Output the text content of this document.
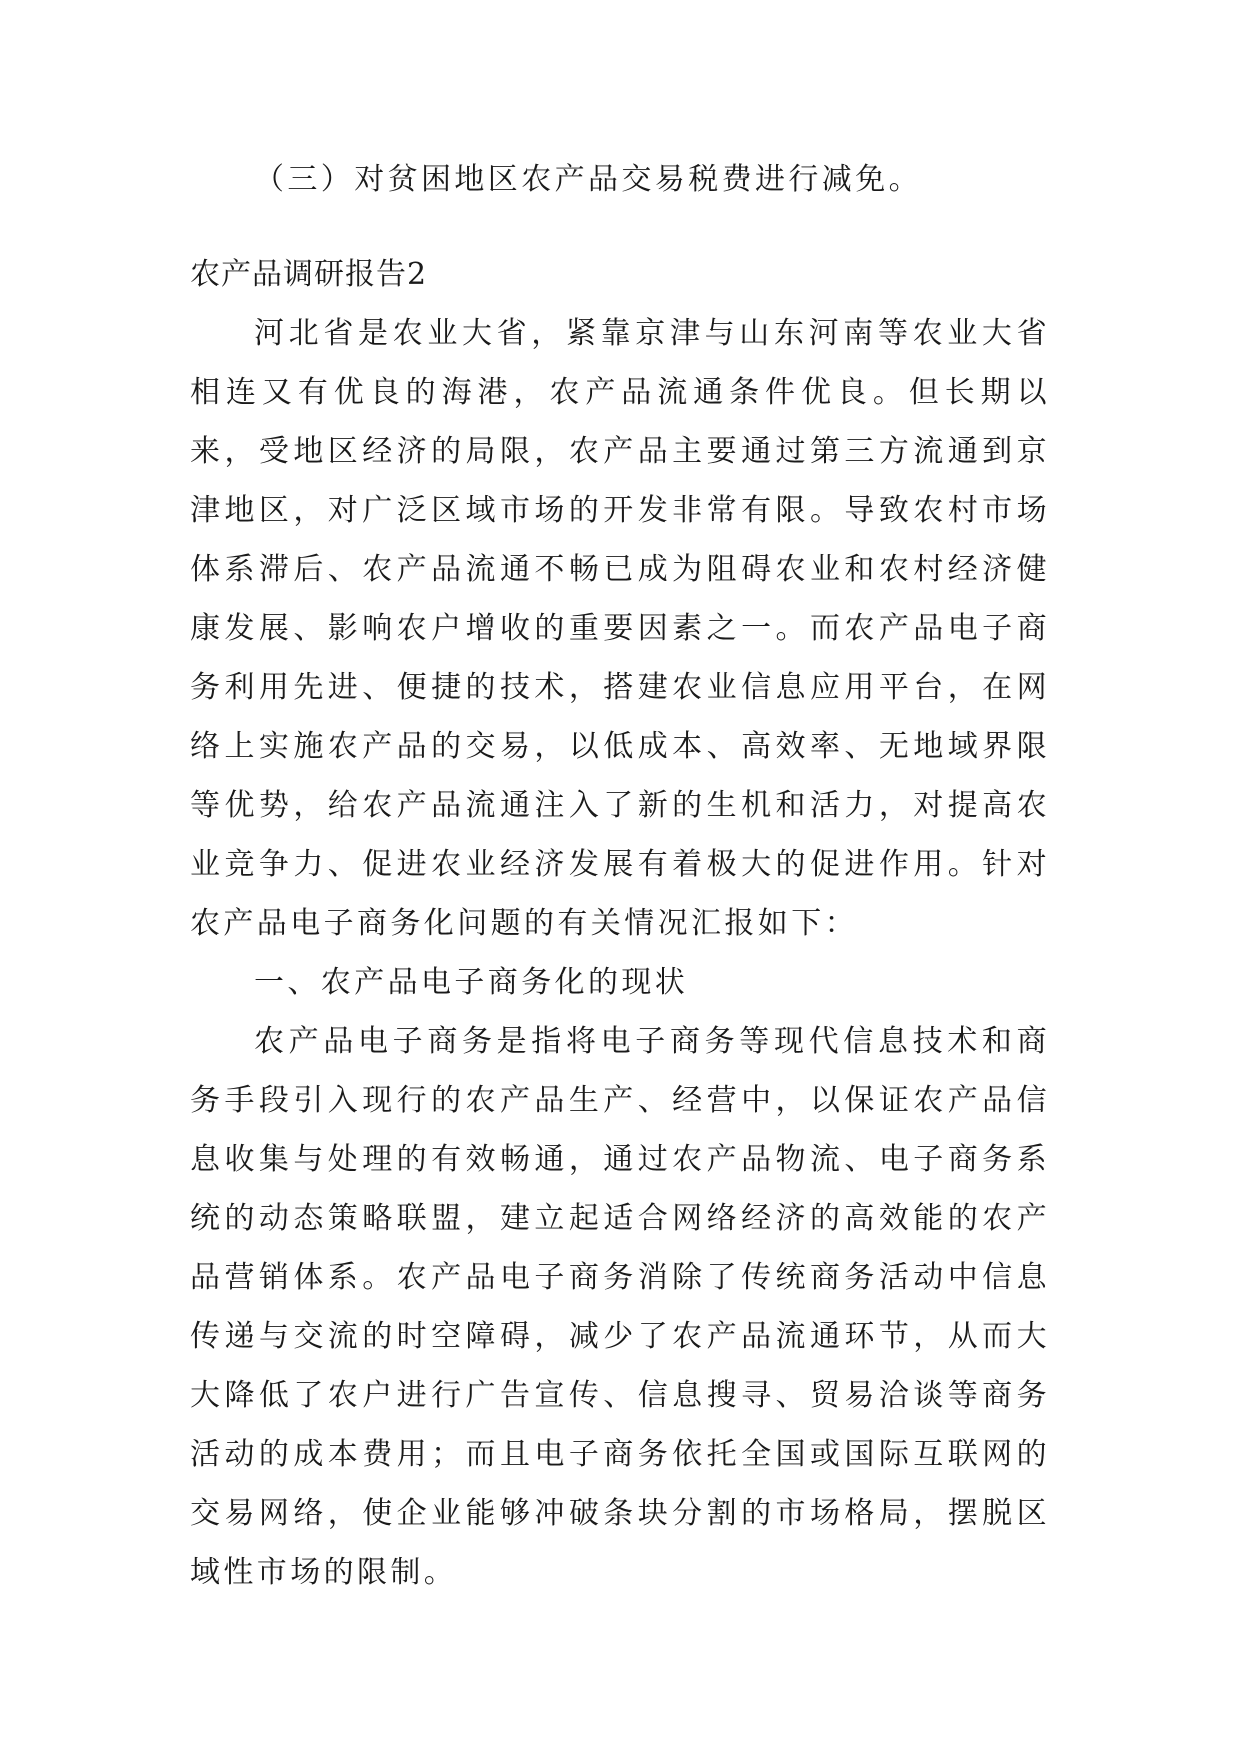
（三）对贫困地区农产品交易税费进行减免。

农产品调研报告2

河北省是农业大省，紧靠京津与山东河南等农业大省相连又有优良的海港，农产品流通条件优良。但长期以来，受地区经济的局限，农产品主要通过第三方流通到京津地区，对广泛区域市场的开发非常有限。导致农村市场体系滞后、农产品流通不畅已成为阻碍农业和农村经济健康发展、影响农户增收的重要因素之一。而农产品电子商务利用先进、便捷的技术，搭建农业信息应用平台，在网络上实施农产品的交易，以低成本、高效率、无地域界限等优势，给农产品流通注入了新的生机和活力，对提高农业竞争力、促进农业经济发展有着极大的促进作用。针对农产品电子商务化问题的有关情况汇报如下：

一、农产品电子商务化的现状

农产品电子商务是指将电子商务等现代信息技术和商务手段引入现行的农产品生产、经营中，以保证农产品信息收集与处理的有效畅通，通过农产品物流、电子商务系统的动态策略联盟，建立起适合网络经济的高效能的农产品营销体系。农产品电子商务消除了传统商务活动中信息传递与交流的时空障碍，减少了农产品流通环节，从而大大降低了农户进行广告宣传、信息搜寻、贸易洽谈等商务活动的成本费用；而且电子商务依托全国或国际互联网的交易网络，使企业能够冲破条块分割的市场格局，摆脱区域性市场的限制。
